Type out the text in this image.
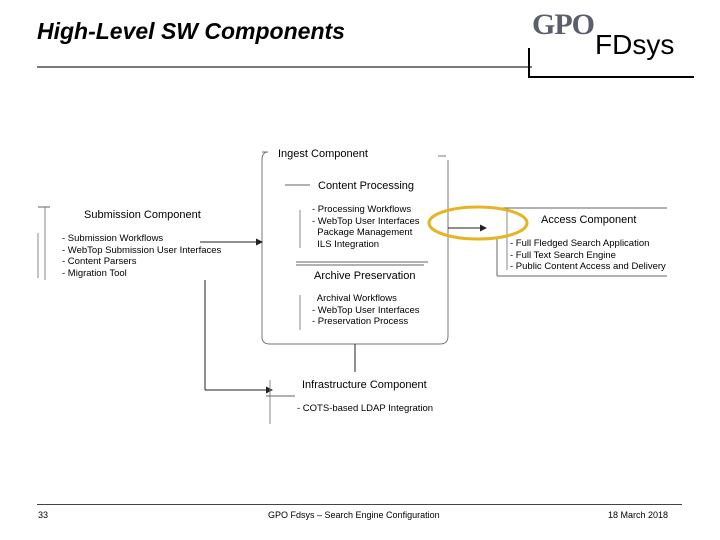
High-Level SW Components	GPO
FDsys
Ingest Component
Content Processing
- Processing Workflows
- WebTop User Interfaces
Package Management
ILS Integration
Archive Preservation
Archival Workflows
- WebTop User Interfaces
- Preservation Process
Submission Component
- Submission Workflows
- WebTop Submission User Interfaces
- Content Parsers
- Migration Tool
Access Component
- Full Fledged Search Application
- Full Text Search Engine
- Public Content Access and Delivery
Infrastructure Component
- COTS-based LDAP Integration
33	GPO Fdsys – Search Engine Configuration	18 March 2018
